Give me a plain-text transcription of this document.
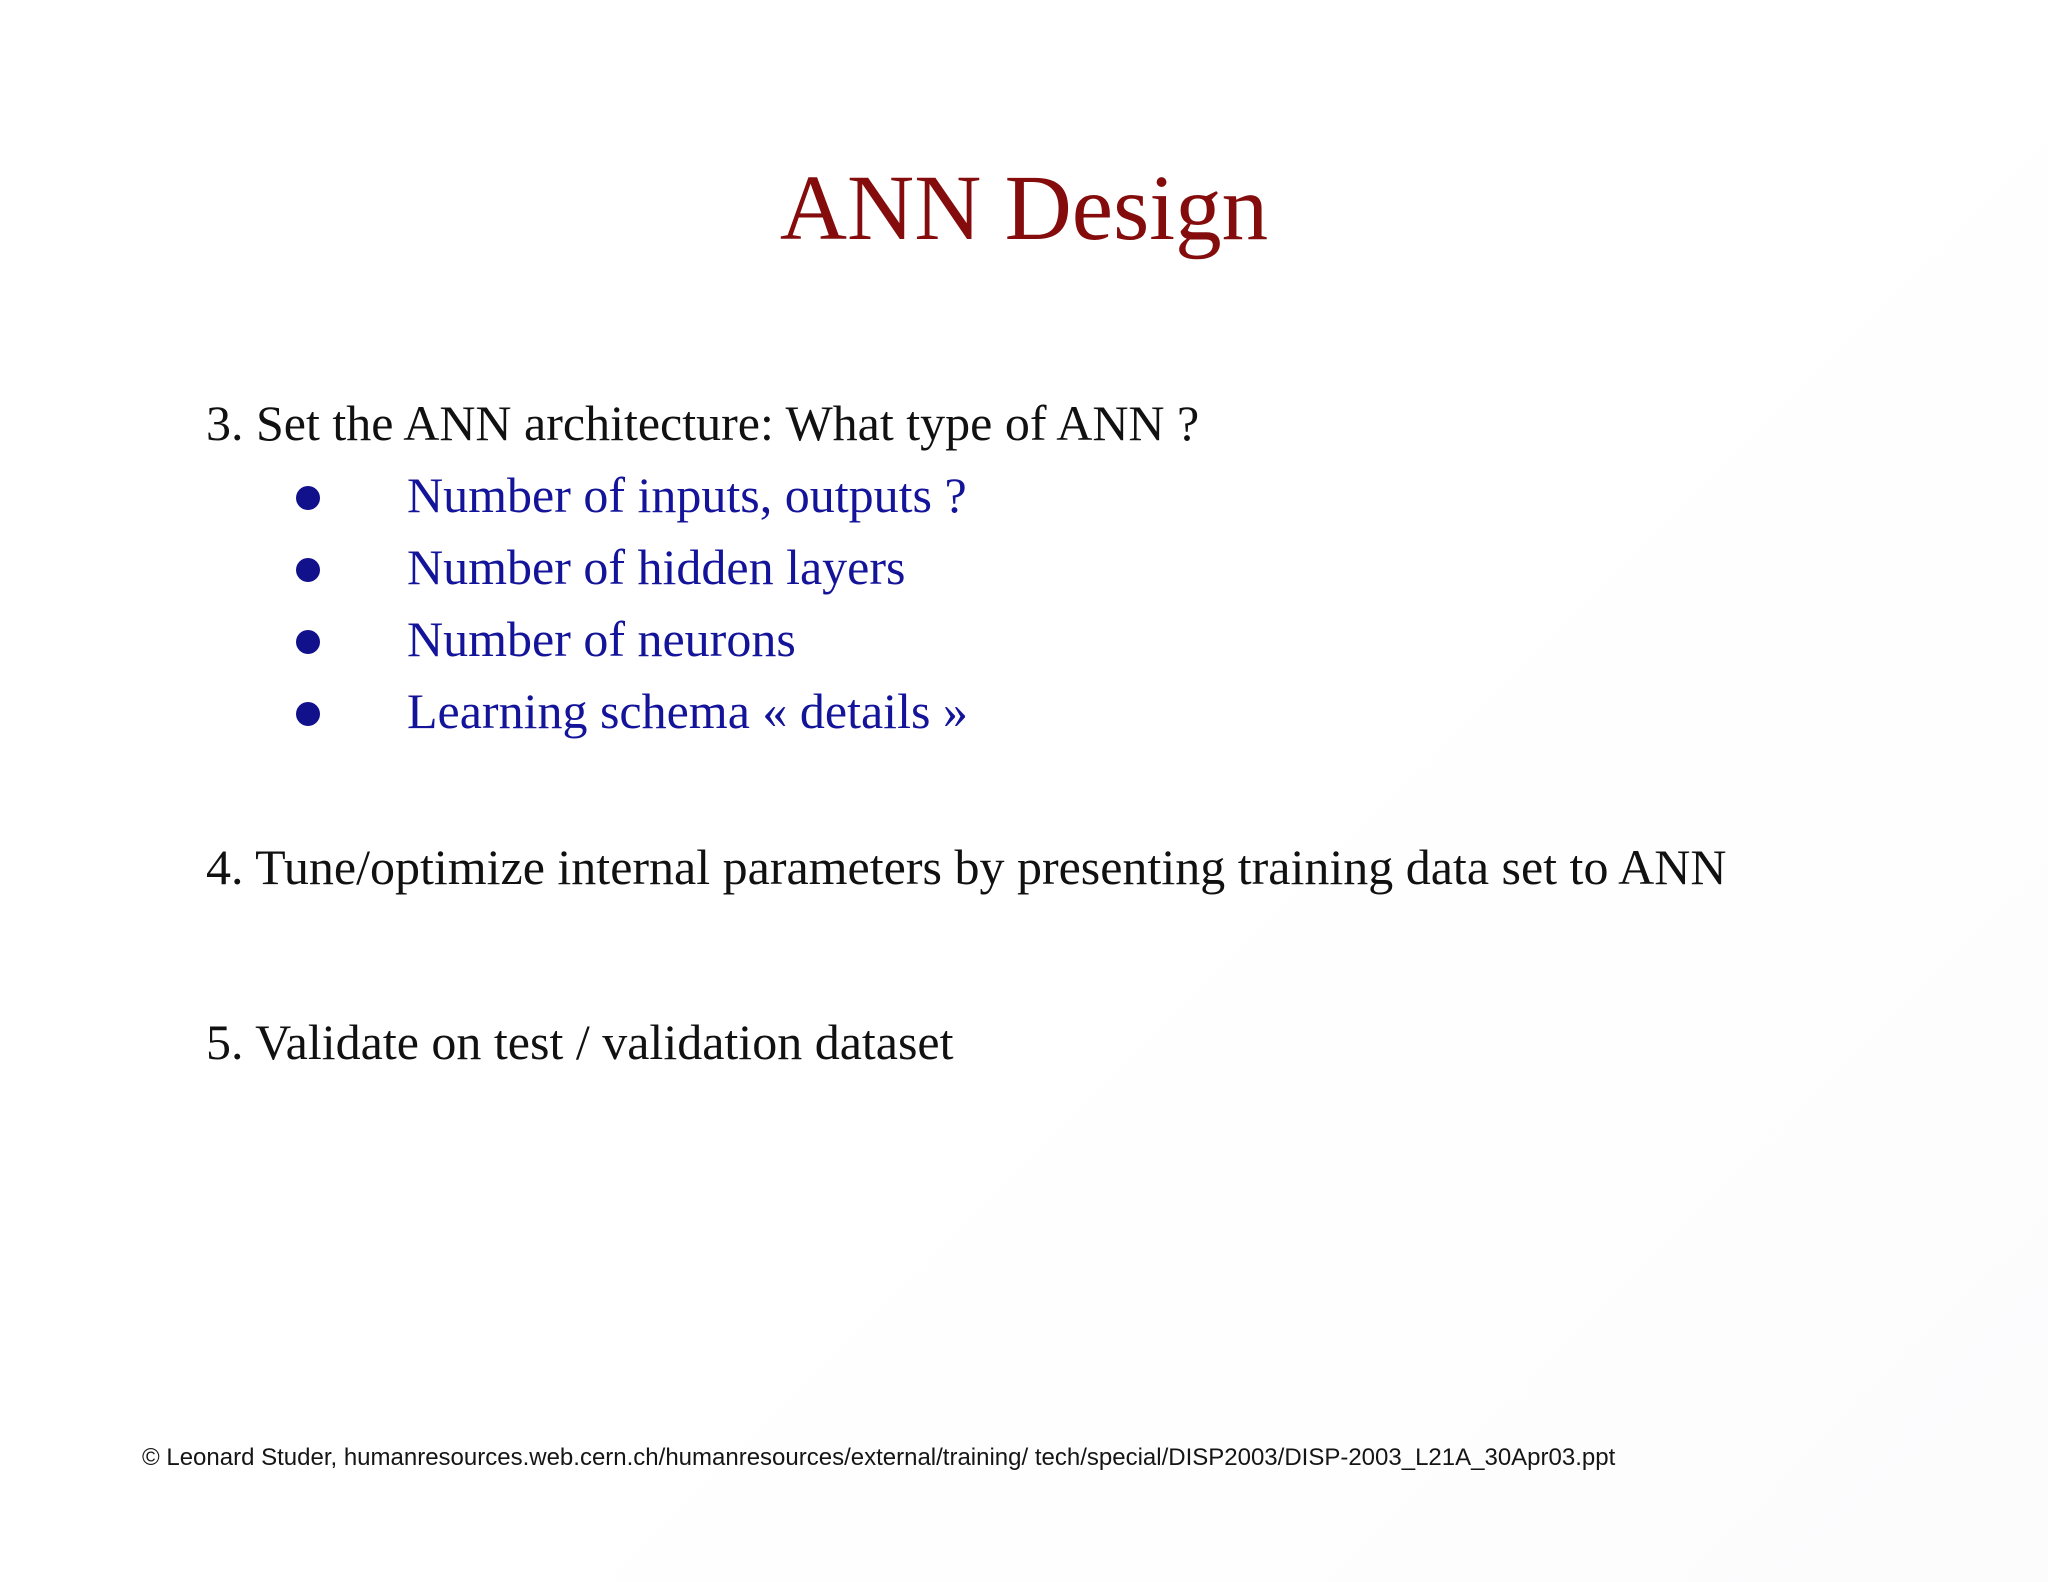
ANN Design

3. Set the ANN architecture: What type of ANN ?

Number of inputs, outputs ?
Number of hidden layers
Number of neurons
Learning schema « details »

4. Tune/optimize internal parameters by presenting training data set to ANN

5. Validate on test / validation dataset

© Leonard Studer, humanresources.web.cern.ch/humanresources/external/training/ tech/special/DISP2003/DISP-2003_L21A_30Apr03.ppt
